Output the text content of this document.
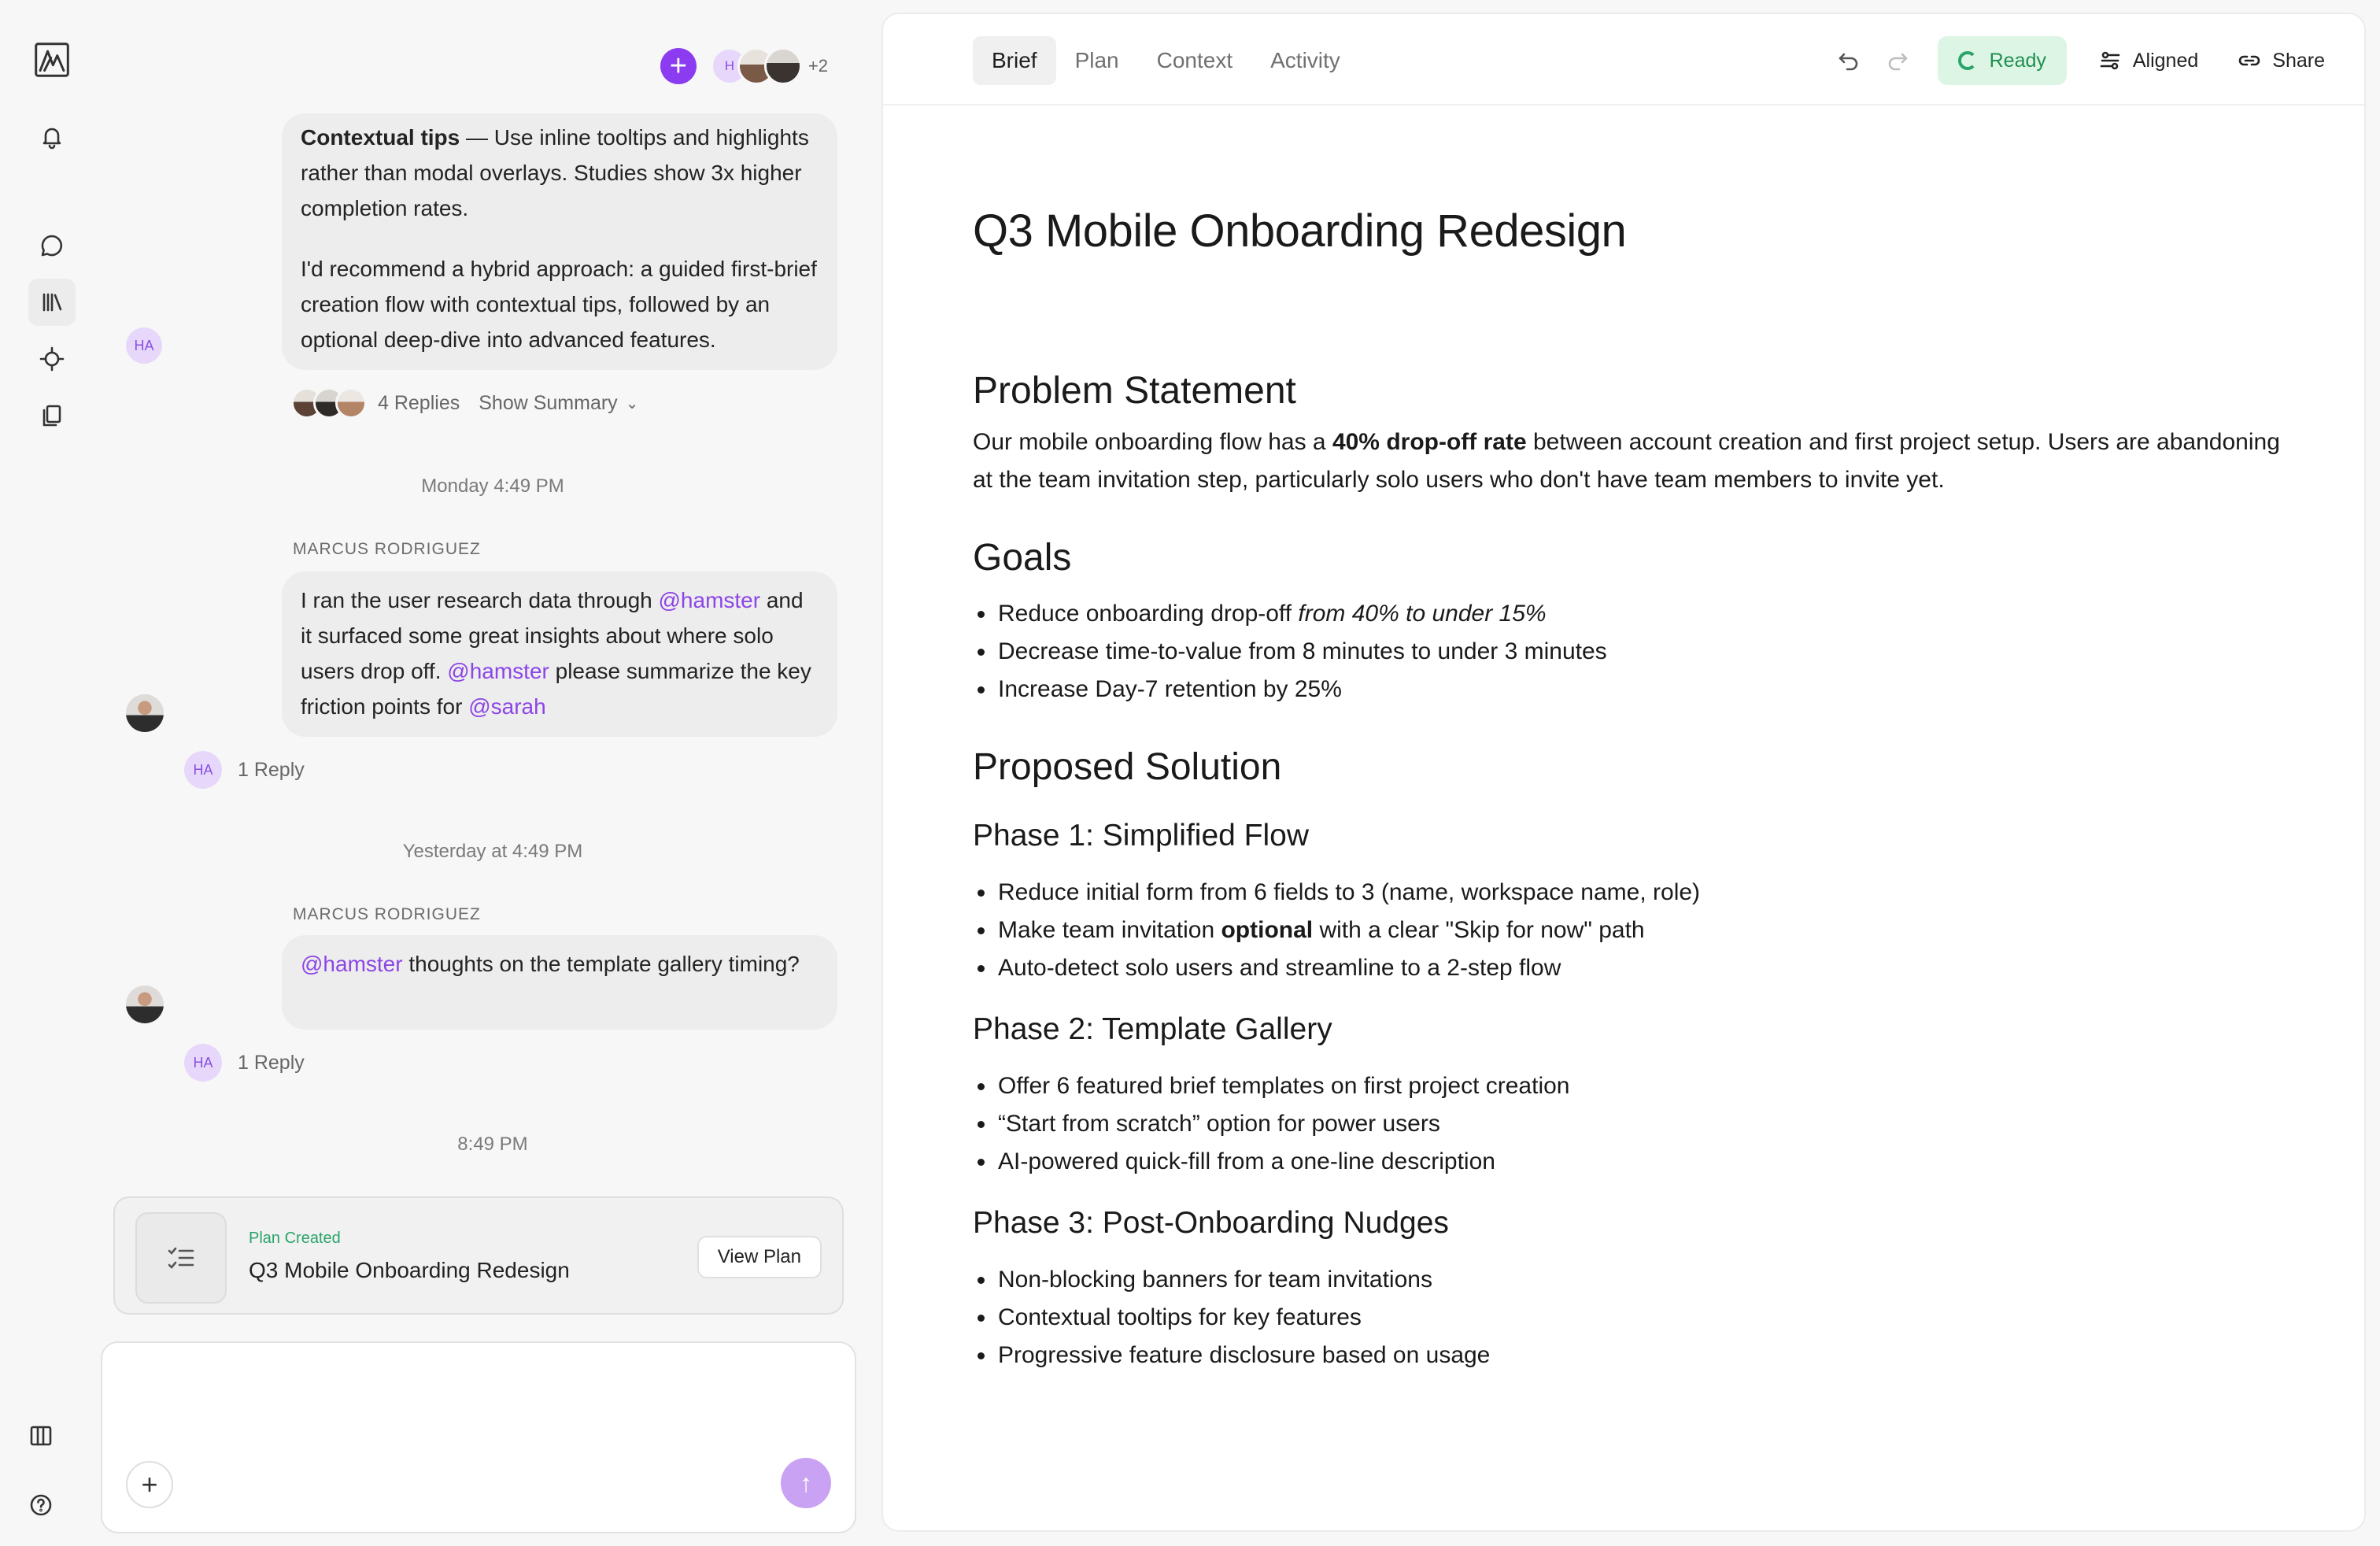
+	H	+2

Contextual tips — Use inline tooltips and highlights rather than modal overlays. Studies show 3x higher completion rates.

I'd recommend a hybrid approach: a guided first-brief creation flow with contextual tips, followed by an optional deep-dive into advanced features.

HA
4 Replies Show Summary ⌄
Monday 4:49 PM
MARCUS RODRIGUEZ

I ran the user research data through @hamster and it surfaced some great insights about where solo users drop off. @hamster please summarize the key friction points for @sarah

HA	1 Reply
Yesterday at 4:49 PM
MARCUS RODRIGUEZ

@hamster thoughts on the template gallery timing?

HA	1 Reply
8:49 PM
Plan Created
Q3 Mobile Onboarding Redesign
View Plan
+	↑
Brief	Plan	Context	Activity	Ready	Aligned	Share
Q3 Mobile Onboarding Redesign
Problem Statement

Our mobile onboarding flow has a 40% drop-off rate between account creation and first project setup. Users are abandoning at the team invitation step, particularly solo users who don't have team members to invite yet.

Goals
Reduce onboarding drop-off from 40% to under 15%
Decrease time-to-value from 8 minutes to under 3 minutes
Increase Day-7 retention by 25%
Proposed Solution
Phase 1: Simplified Flow
Reduce initial form from 6 fields to 3 (name, workspace name, role)
Make team invitation optional with a clear "Skip for now" path
Auto-detect solo users and streamline to a 2-step flow
Phase 2: Template Gallery
Offer 6 featured brief templates on first project creation
“Start from scratch” option for power users
AI-powered quick-fill from a one-line description
Phase 3: Post-Onboarding Nudges
Non-blocking banners for team invitations
Contextual tooltips for key features
Progressive feature disclosure based on usage
